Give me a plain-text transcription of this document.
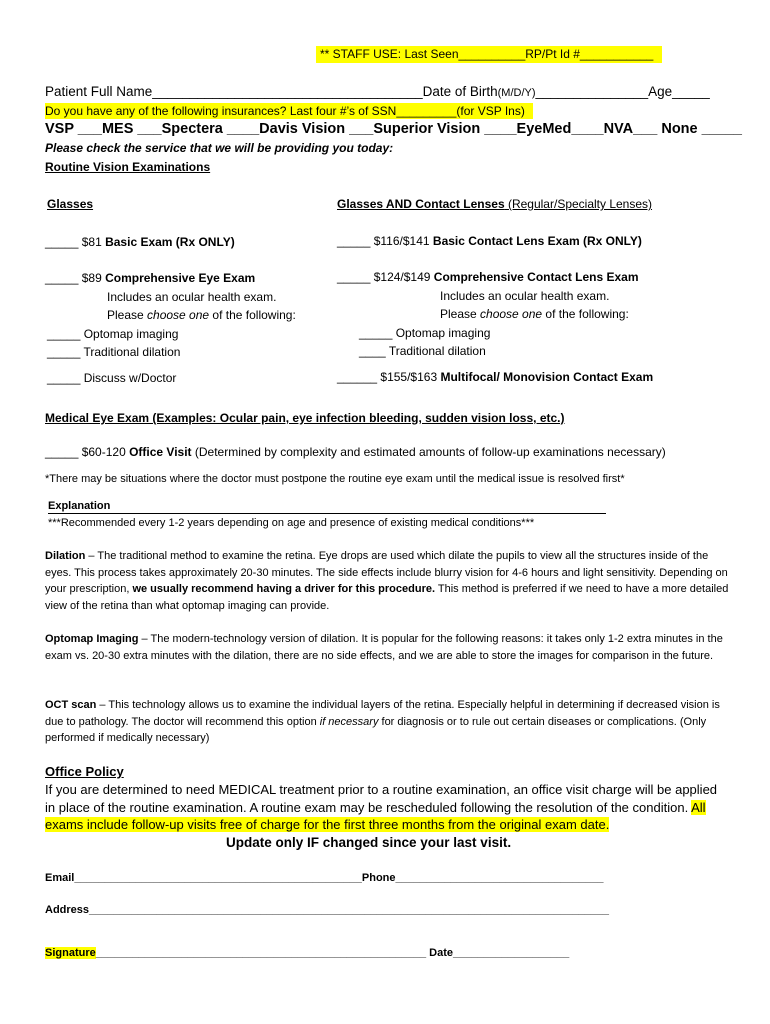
** STAFF USE: Last Seen__________RP/Pt Id #___________
Patient Full Name____________________________________Date of Birth(M/D/Y)_______________Age_____
Do you have any of the following insurances? Last four #’s of SSN_________(for VSP Ins)
VSP ___MES ___Spectera ____Davis Vision ___Superior Vision ____EyeMed____NVA___ None _____
Please check the service that we will be providing you today:
Routine Vision Examinations
Glasses
_____ $81 Basic Exam (Rx ONLY)
_____ $89 Comprehensive Eye Exam
Includes an ocular health exam.
Please choose one of the following:
_____ Optomap imaging
_____ Traditional dilation
_____ Discuss w/Doctor
Glasses AND Contact Lenses (Regular/Specialty Lenses)
_____ $116/$141 Basic Contact Lens Exam (Rx ONLY)
_____ $124/$149 Comprehensive Contact Lens Exam
Includes an ocular health exam.
Please choose one of the following:
_____ Optomap imaging
____ Traditional dilation
______ $155/$163 Multifocal/ Monovision Contact Exam
Medical Eye Exam (Examples: Ocular pain, eye infection bleeding, sudden vision loss, etc.)
_____ $60-120 Office Visit (Determined by complexity and estimated amounts of follow-up examinations necessary)
*There may be situations where the doctor must postpone the routine eye exam until the medical issue is resolved first*
Explanation
***Recommended every 1-2 years depending on age and presence of existing medical conditions***
Dilation – The traditional method to examine the retina. Eye drops are used which dilate the pupils to view all the structures inside of the eyes. This process takes approximately 20-30 minutes. The side effects include blurry vision for 4-6 hours and light sensitivity. Depending on your prescription, we usually recommend having a driver for this procedure. This method is preferred if we need to have a more detailed view of the retina than what optomap imaging can provide.
Optomap Imaging – The modern-technology version of dilation. It is popular for the following reasons: it takes only 1-2 extra minutes in the exam vs. 20-30 extra minutes with the dilation, there are no side effects, and we are able to store the images for comparison in the future.
OCT scan – This technology allows us to examine the individual layers of the retina. Especially helpful in determining if decreased vision is due to pathology. The doctor will recommend this option if necessary for diagnosis or to rule out certain diseases or complications. (Only performed if medically necessary)
Office Policy
If you are determined to need MEDICAL treatment prior to a routine examination, an office visit charge will be applied in place of the routine examination. A routine exam may be rescheduled following the resolution of the condition. All exams include follow-up visits free of charge for the first three months from the original exam date.
Update only IF changed since your last visit.
Email_______________________________________________Phone__________________________________
Address_____________________________________________________________________________________
Signature______________________________________________________ Date___________________
